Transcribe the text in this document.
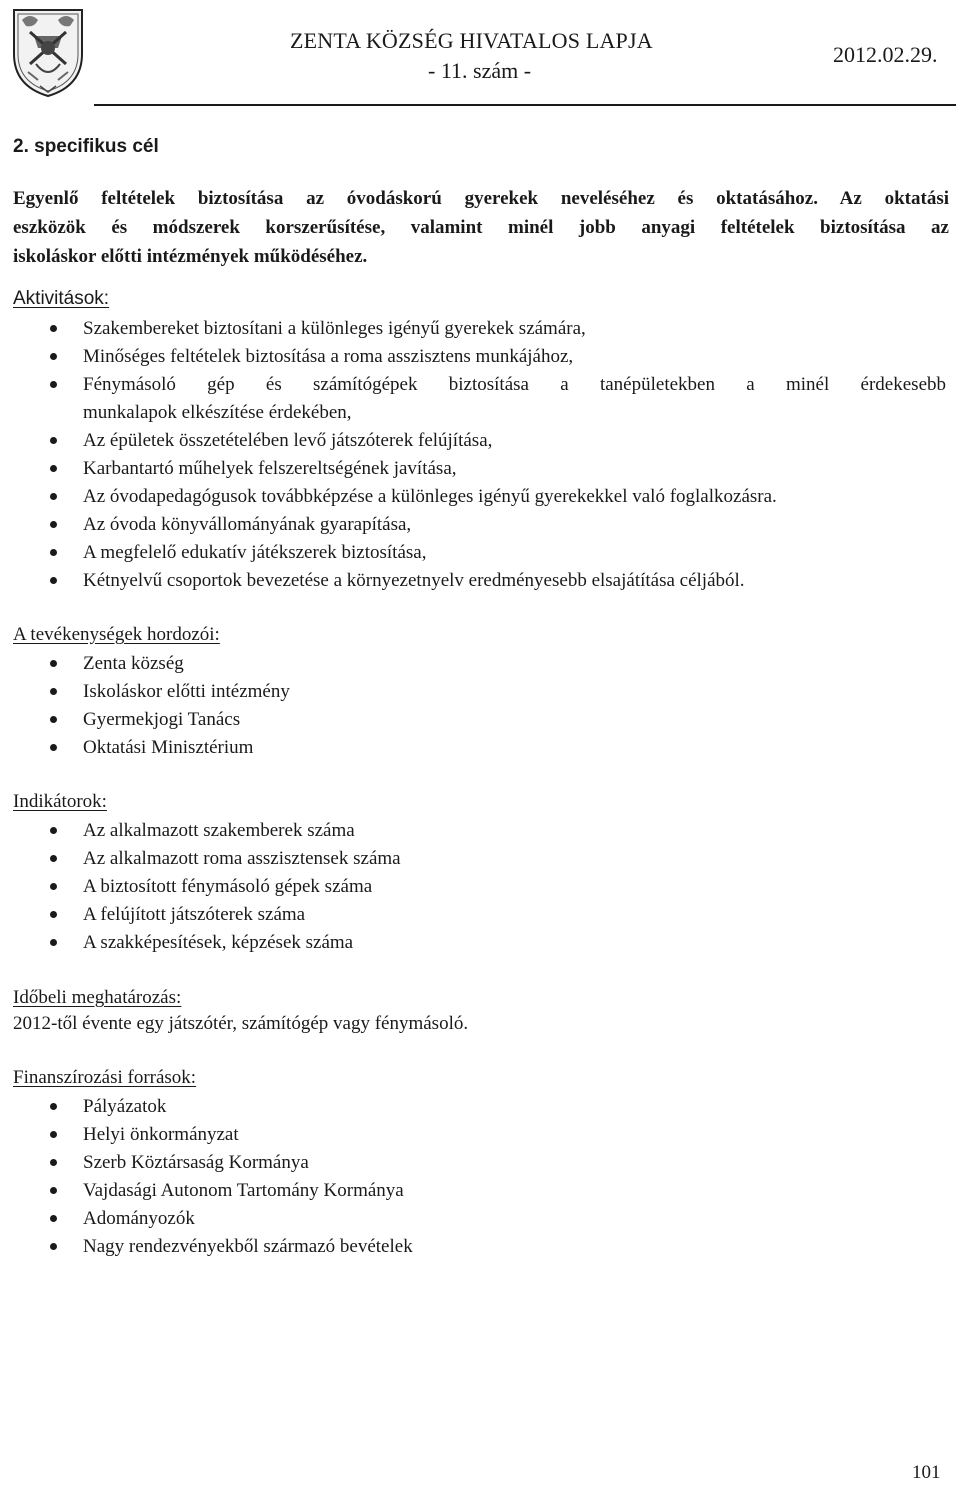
ZENTA KÖZSÉG HIVATALOS LAPJA
- 11. szám -
2012.02.29.
2. specifikus cél
Egyenlő feltételek biztosítása az óvodáskorú gyerekek neveléséhez és oktatásához. Az oktatási
eszközök és módszerek korszerűsítése, valamint minél jobb anyagi feltételek biztosítása az
iskoláskor előtti intézmények működéséhez.
Aktivitások:
Szakembereket biztosítani a különleges igényű gyerekek számára,
Minőséges feltételek biztosítása a roma asszisztens munkájához,
Fénymásoló gép és számítógépek biztosítása a tanépületekben a minél érdekesebb
munkalapok elkészítése érdekében,
Az épületek összetételében levő játszóterek felújítása,
Karbantartó műhelyek felszereltségének javítása,
Az óvodapedagógusok továbbképzése a különleges igényű gyerekekkel való foglalkozásra.
Az óvoda könyvállományának gyarapítása,
A megfelelő edukatív játékszerek biztosítása,
Kétnyelvű csoportok bevezetése a környezetnyelv eredményesebb elsajátítása céljából.
A tevékenységek hordozói:
Zenta község
Iskoláskor előtti intézmény
Gyermekjogi Tanács
Oktatási Minisztérium
Indikátorok:
Az alkalmazott szakemberek száma
Az alkalmazott roma asszisztensek száma
A biztosított fénymásoló gépek száma
A felújított játszóterek száma
A szakképesítések, képzések száma
Időbeli meghatározás:
2012-től évente egy játszótér, számítógép vagy fénymásoló.
Finanszírozási források:
Pályázatok
Helyi önkormányzat
Szerb Köztársaság Kormánya
Vajdasági Autonom Tartomány Kormánya
Adományozók
Nagy rendezvényekből származó bevételek
101
